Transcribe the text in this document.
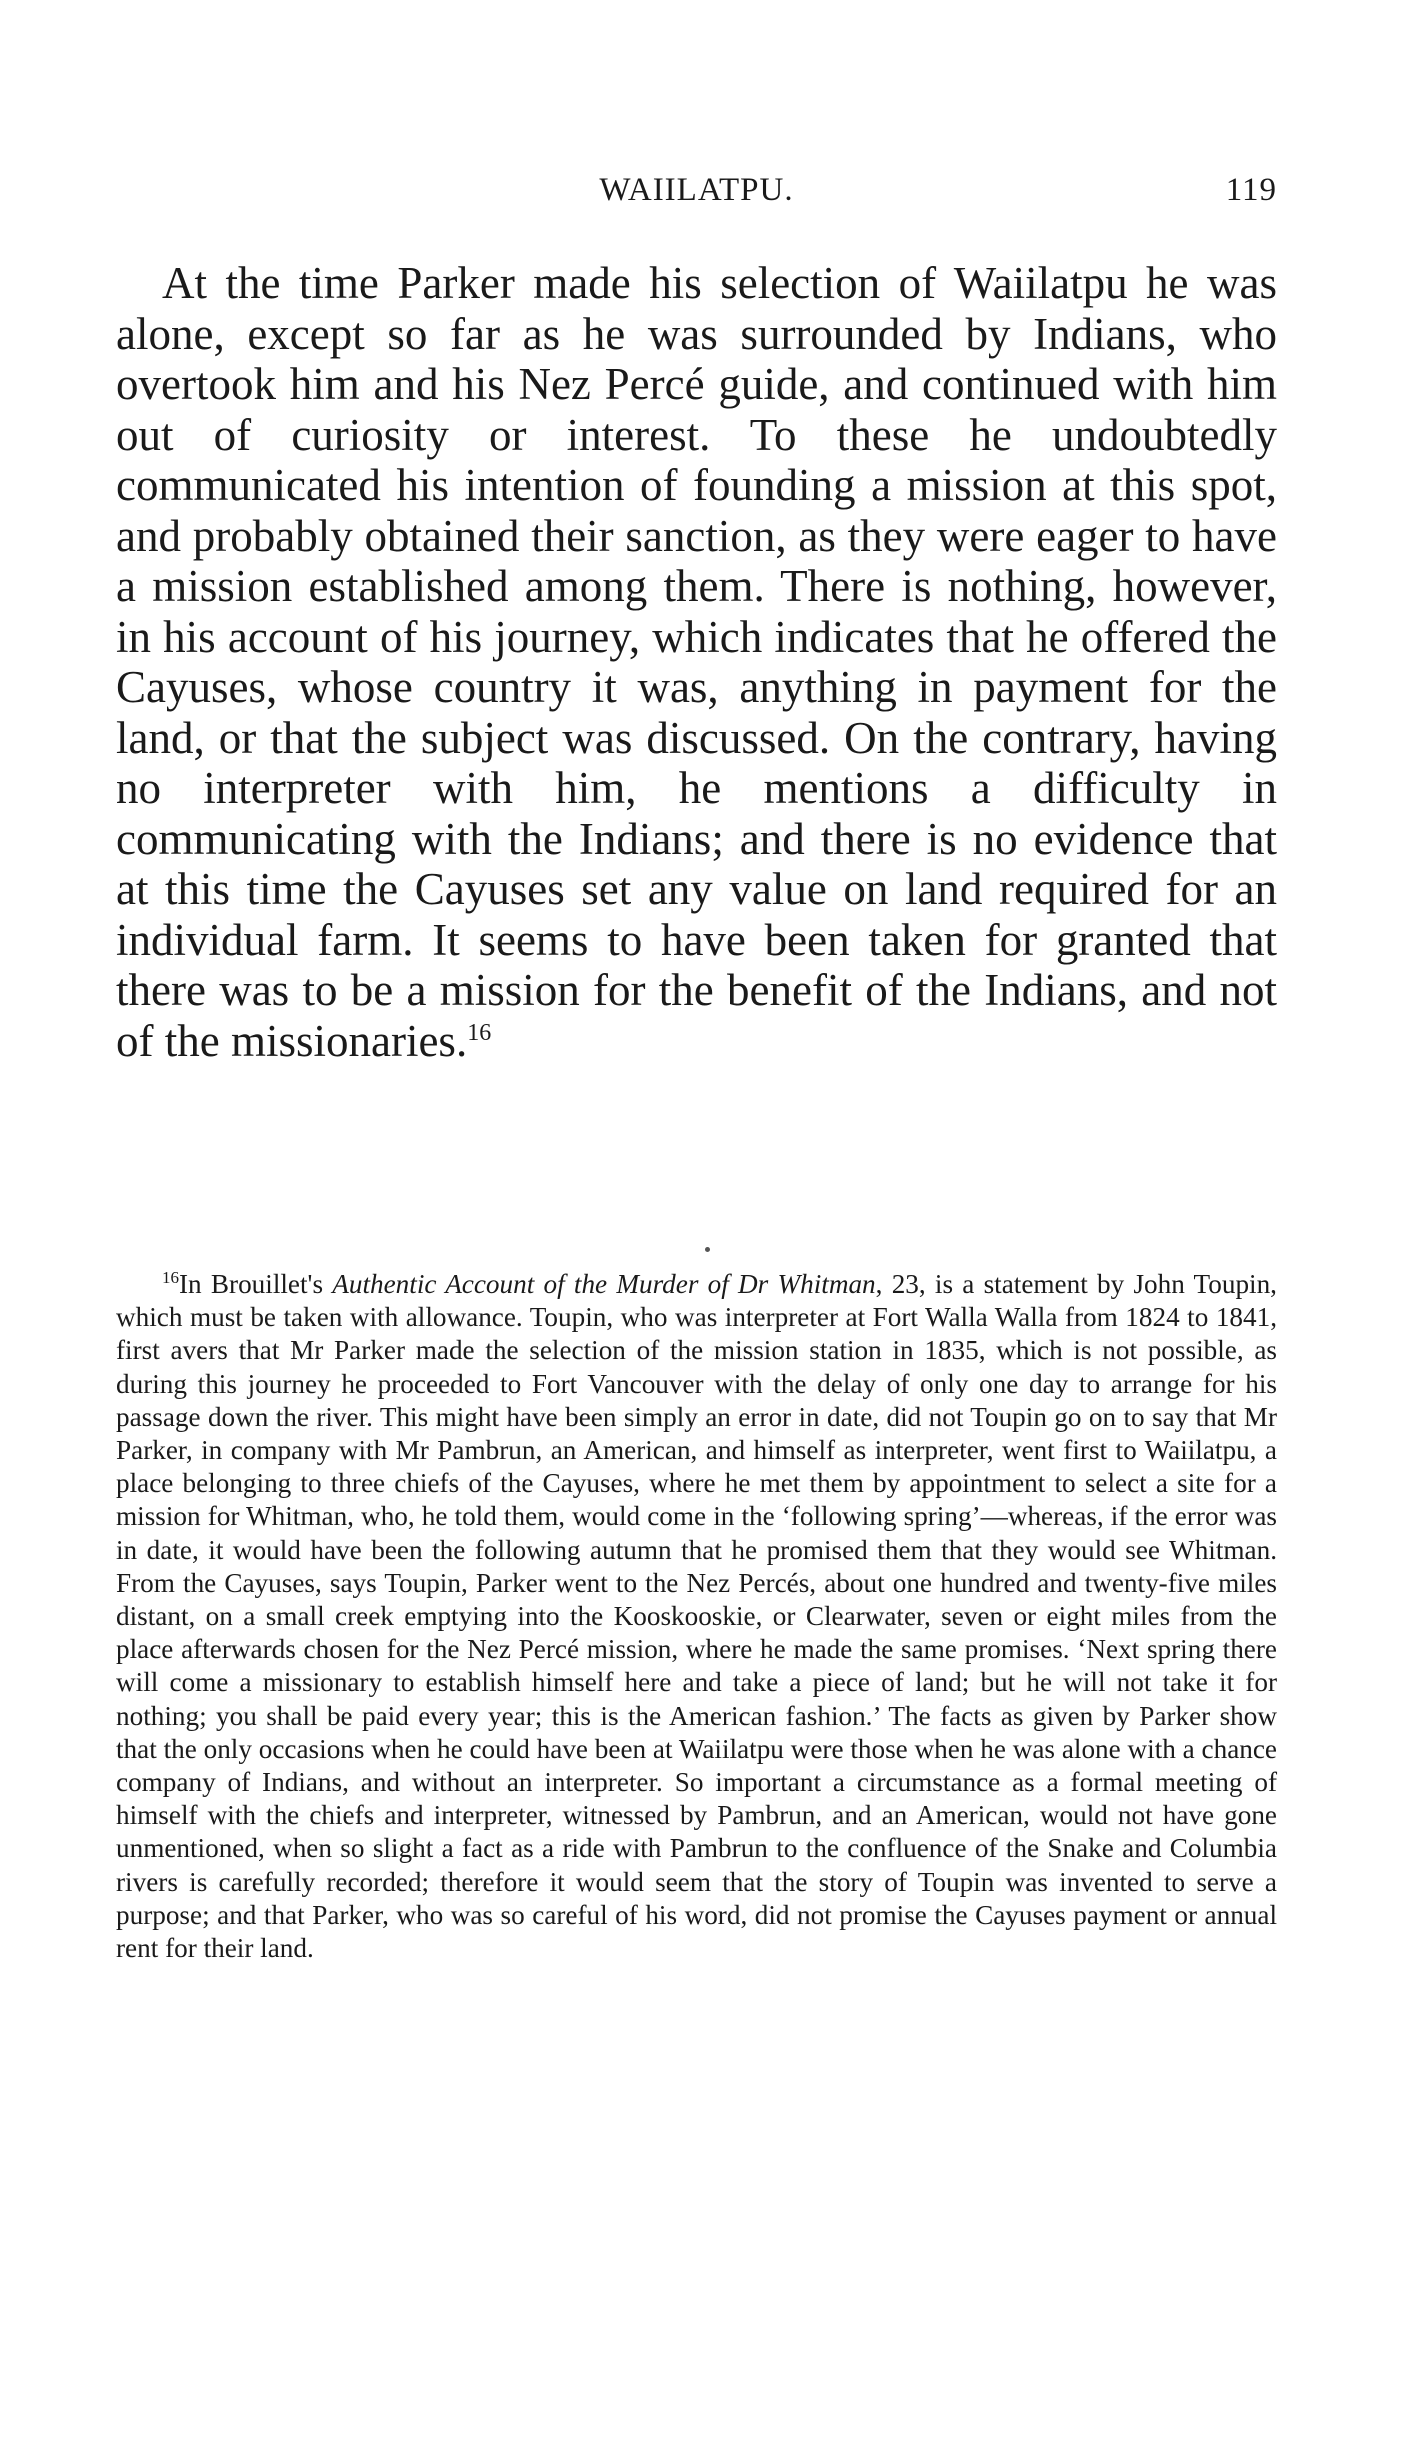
WAIILATPU.	119

At the time Parker made his selection of Waiilatpu he was alone, except so far as he was surrounded by Indians, who overtook him and his Nez Percé guide, and continued with him out of curiosity or interest. To these he undoubtedly communicated his intention of founding a mission at this spot, and probably obtained their sanction, as they were eager to have a mission established among them. There is nothing, however, in his account of his journey, which indicates that he offered the Cayuses, whose country it was, anything in payment for the land, or that the subject was discussed. On the contrary, having no interpreter with him, he mentions a difficulty in communicating with the Indians; and there is no evidence that at this time the Cayuses set any value on land required for an individual farm. It seems to have been taken for granted that there was to be a mission for the benefit of the Indians, and not of the missionaries.$^{16}$

$^{16}$In Brouillet's Authentic Account of the Murder of Dr Whitman, 23, is a statement by John Toupin, which must be taken with allowance. Toupin, who was interpreter at Fort Walla Walla from 1824 to 1841, first avers that Mr Parker made the selection of the mission station in 1835, which is not possible, as during this journey he proceeded to Fort Vancouver with the delay of only one day to arrange for his passage down the river. This might have been simply an error in date, did not Toupin go on to say that Mr Parker, in company with Mr Pambrun, an American, and himself as interpreter, went first to Waiilatpu, a place belonging to three chiefs of the Cayuses, where he met them by appointment to select a site for a mission for Whitman, who, he told them, would come in the ‘following spring’—whereas, if the error was in date, it would have been the following autumn that he promised them that they would see Whitman. From the Cayuses, says Toupin, Parker went to the Nez Percés, about one hundred and twenty-five miles distant, on a small creek emptying into the Kooskooskie, or Clearwater, seven or eight miles from the place afterwards chosen for the Nez Percé mission, where he made the same promises. ‘Next spring there will come a missionary to establish himself here and take a piece of land; but he will not take it for nothing; you shall be paid every year; this is the American fashion.’ The facts as given by Parker show that the only occasions when he could have been at Waiilatpu were those when he was alone with a chance company of Indians, and without an interpreter. So important a circumstance as a formal meeting of himself with the chiefs and interpreter, witnessed by Pambrun, and an American, would not have gone unmentioned, when so slight a fact as a ride with Pambrun to the confluence of the Snake and Columbia rivers is carefully recorded; therefore it would seem that the story of Toupin was invented to serve a purpose; and that Parker, who was so careful of his word, did not promise the Cayuses payment or annual rent for their land.
